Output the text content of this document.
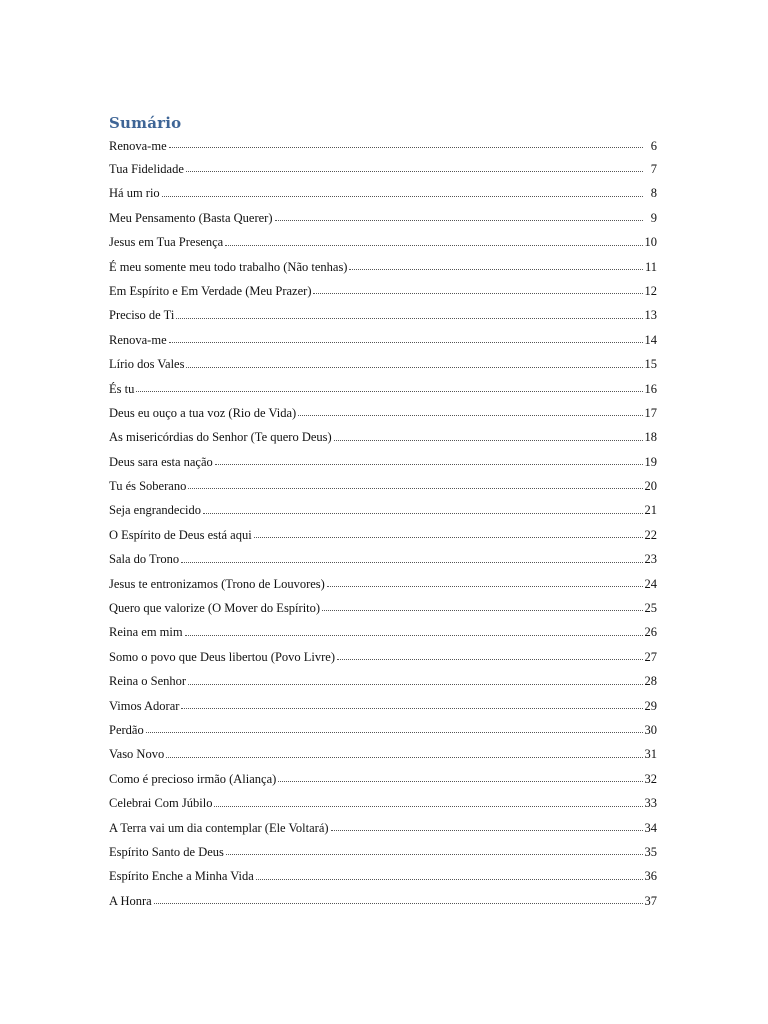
Sumário
Renova-me	6
Tua Fidelidade	7
Há um rio	8
Meu Pensamento (Basta Querer)	9
Jesus em Tua Presença	10
É meu somente meu todo trabalho (Não tenhas)	11
Em Espírito e Em Verdade (Meu Prazer)	12
Preciso de Ti	13
Renova-me	14
Lírio dos Vales	15
És tu	16
Deus eu ouço a tua voz (Rio de Vida)	17
As misericórdias do Senhor (Te quero Deus)	18
Deus sara esta nação	19
Tu és Soberano	20
Seja engrandecido	21
O Espírito de Deus está aqui	22
Sala do Trono	23
Jesus te entronizamos (Trono de Louvores)	24
Quero que valorize (O Mover do Espírito)	25
Reina em mim	26
Somo o povo que Deus libertou (Povo Livre)	27
Reina o Senhor	28
Vimos Adorar	29
Perdão	30
Vaso Novo	31
Como é precioso irmão (Aliança)	32
Celebrai Com Júbilo	33
A Terra vai um dia contemplar (Ele Voltará)	34
Espírito Santo de Deus	35
Espírito Enche a Minha Vida	36
A Honra	37
